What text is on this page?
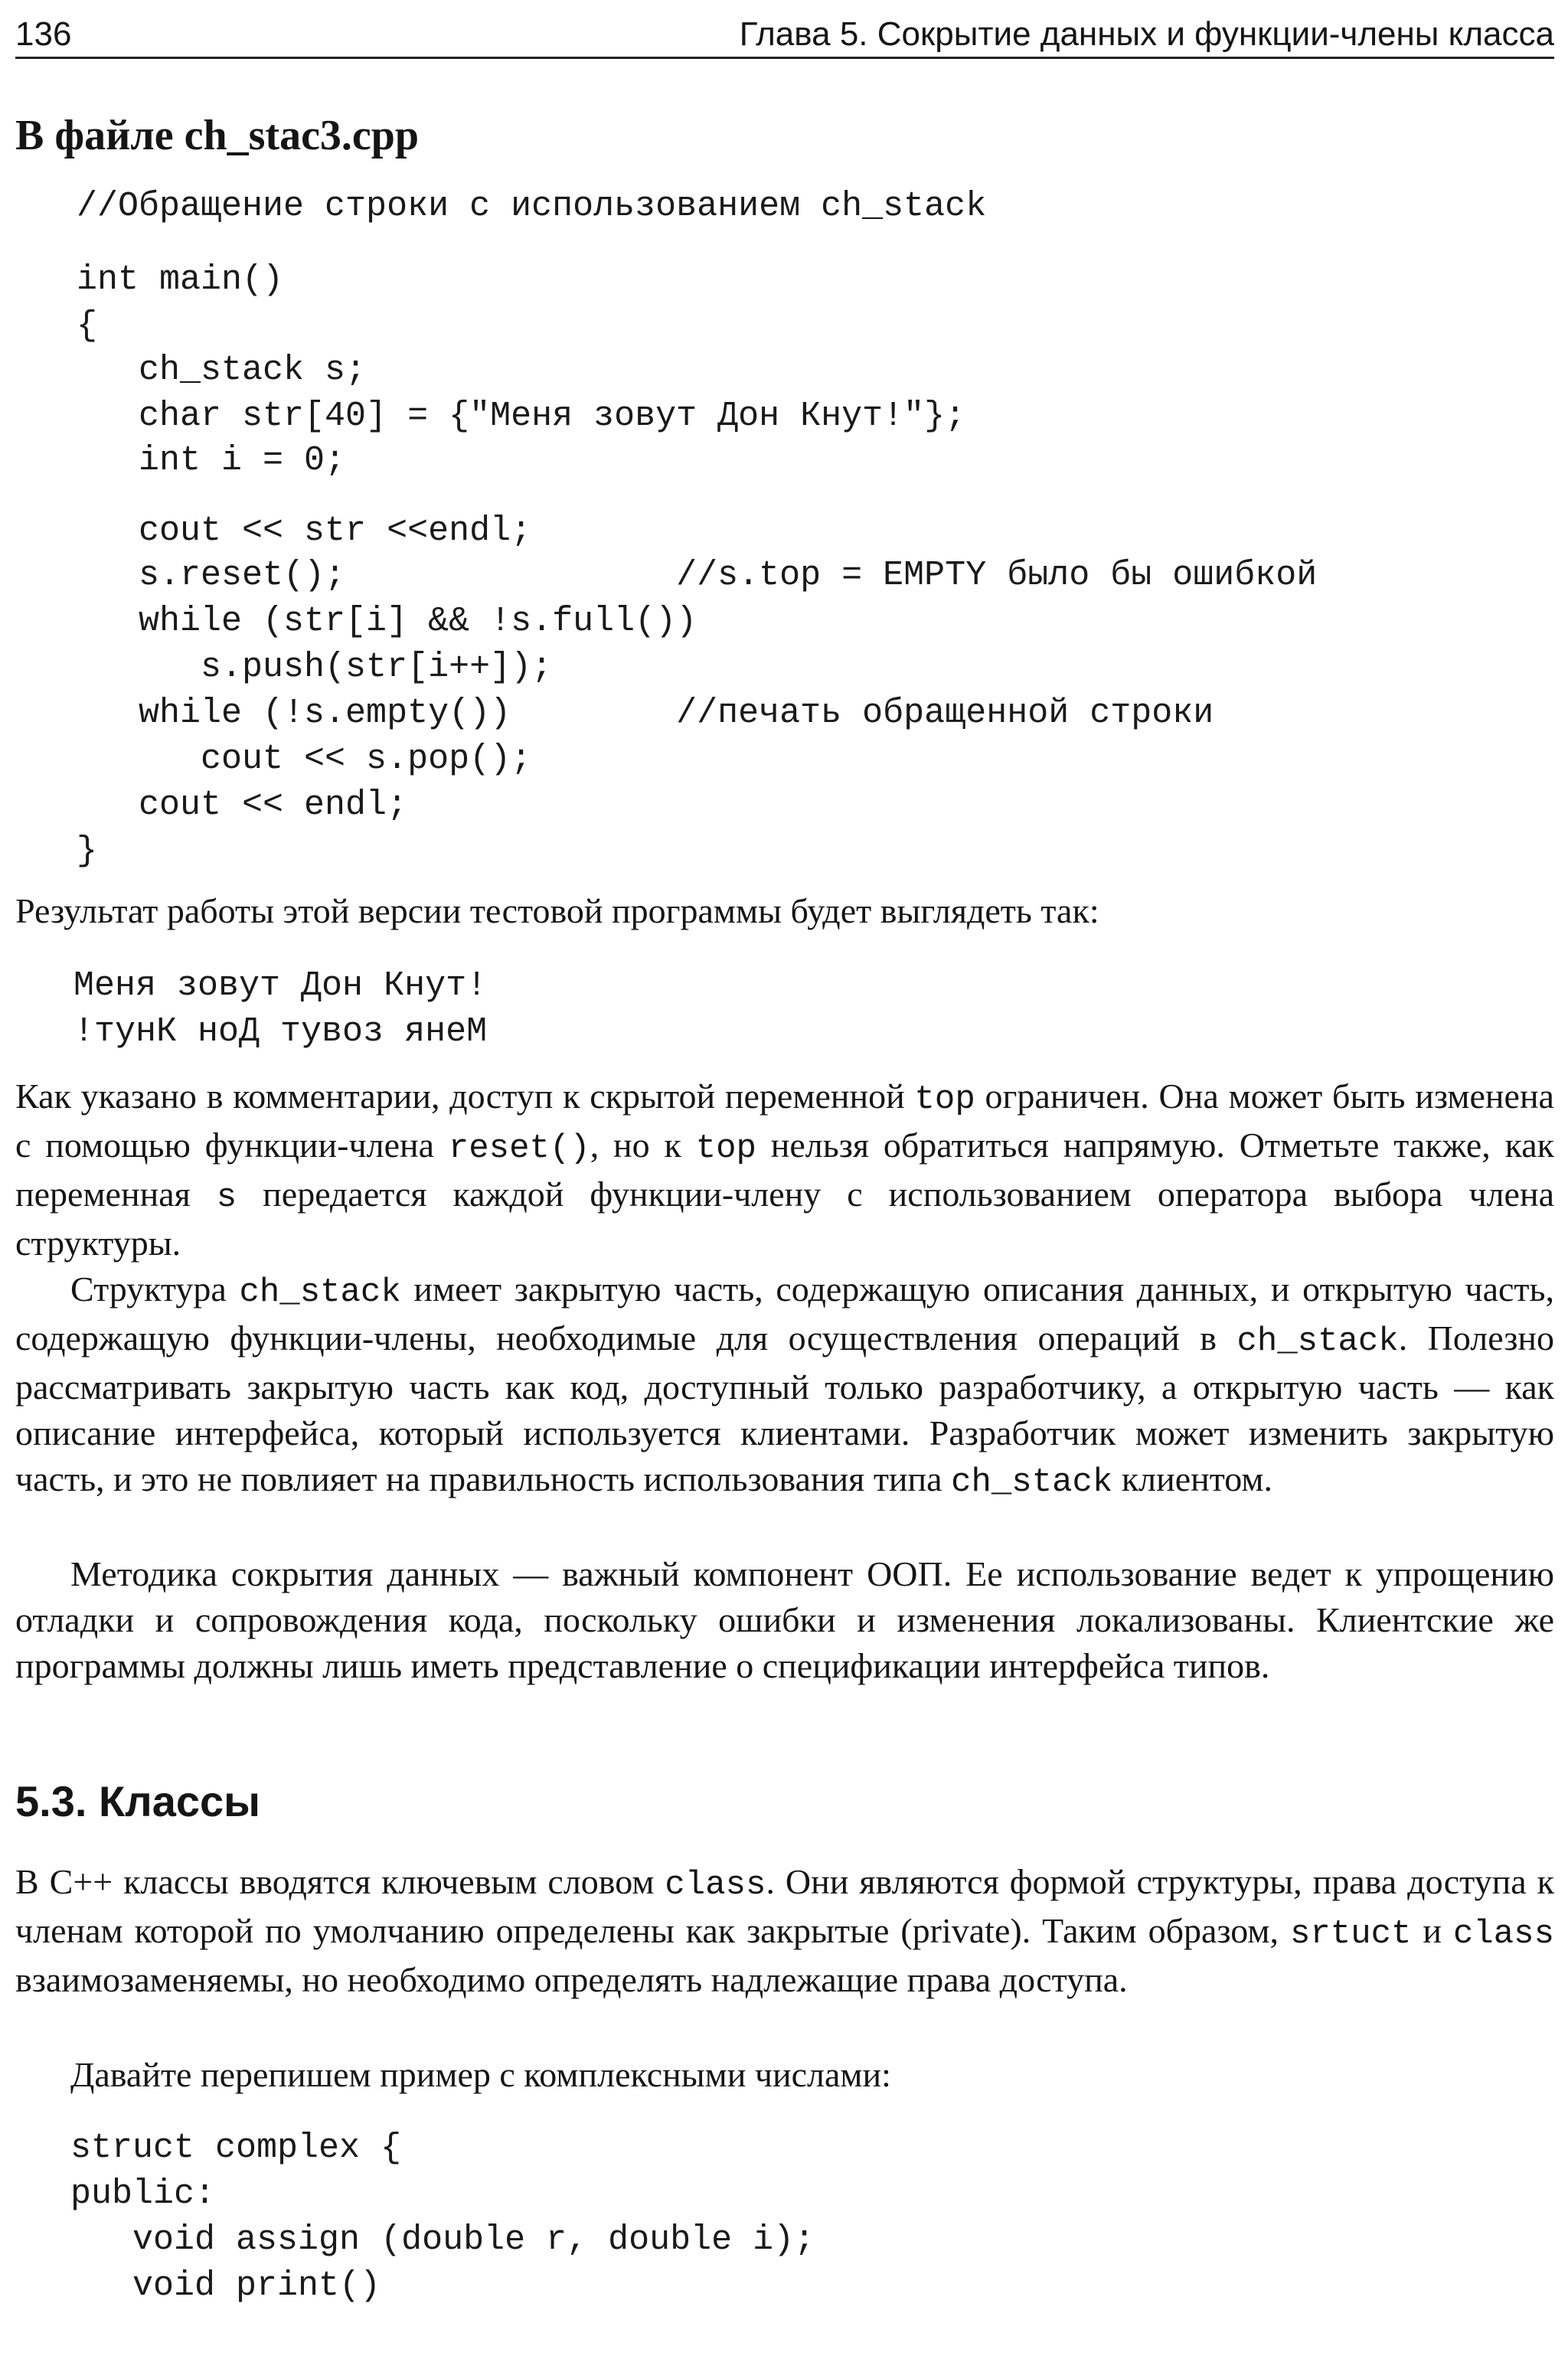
136	Глава 5. Сокрытие данных и функции-члены класса
В файле ch_stac3.cpp

//Обращение строки с использованием ch_stack

int main()

{

ch_stack s;

char str[40] = {"Меня зовут Дон Кнут!"};

int i = 0;

cout << str <<endl;

s.reset();                //s.top = EMPTY было бы ошибкой

while (str[i] && !s.full())

s.push(str[i++]);

while (!s.empty())        //печать обращенной строки

cout << s.pop();

cout << endl;

}

Результат работы этой версии тестовой программы будет выглядеть так:

Меня зовут Дон Кнут!

!тунК ноД тувоз янеМ

Как указано в комментарии, доступ к скрытой переменной top ограничен. Она может быть изменена с помощью функции-члена reset(), но к top нельзя обратиться напрямую. Отметьте также, как переменная s передается каждой функции-члену с использованием оператора выбора члена структуры.

Структура ch_stack имеет закрытую часть, содержащую описания данных, и открытую часть, содержащую функции-члены, необходимые для осуществления операций в ch_stack. Полезно рассматривать закрытую часть как код, доступный только разработчику, а открытую часть — как описание интерфейса, который используется клиентами. Разработчик может изменить закрытую часть, и это не повлияет на правильность использования типа ch_stack клиентом.

Методика сокрытия данных — важный компонент ООП. Ее использование ведет к упрощению отладки и сопровождения кода, поскольку ошибки и изменения локализованы. Клиентские же программы должны лишь иметь представление о спецификации интерфейса типов.

5.3. Классы

В С++ классы вводятся ключевым словом class. Они являются формой структуры, права доступа к членам которой по умолчанию определены как закрытые (private). Таким образом, srtuct и class взаимозаменяемы, но необходимо определять надлежащие права доступа.

Давайте перепишем пример с комплексными числами:

struct complex {

public:

void assign (double r, double i);

void print()
